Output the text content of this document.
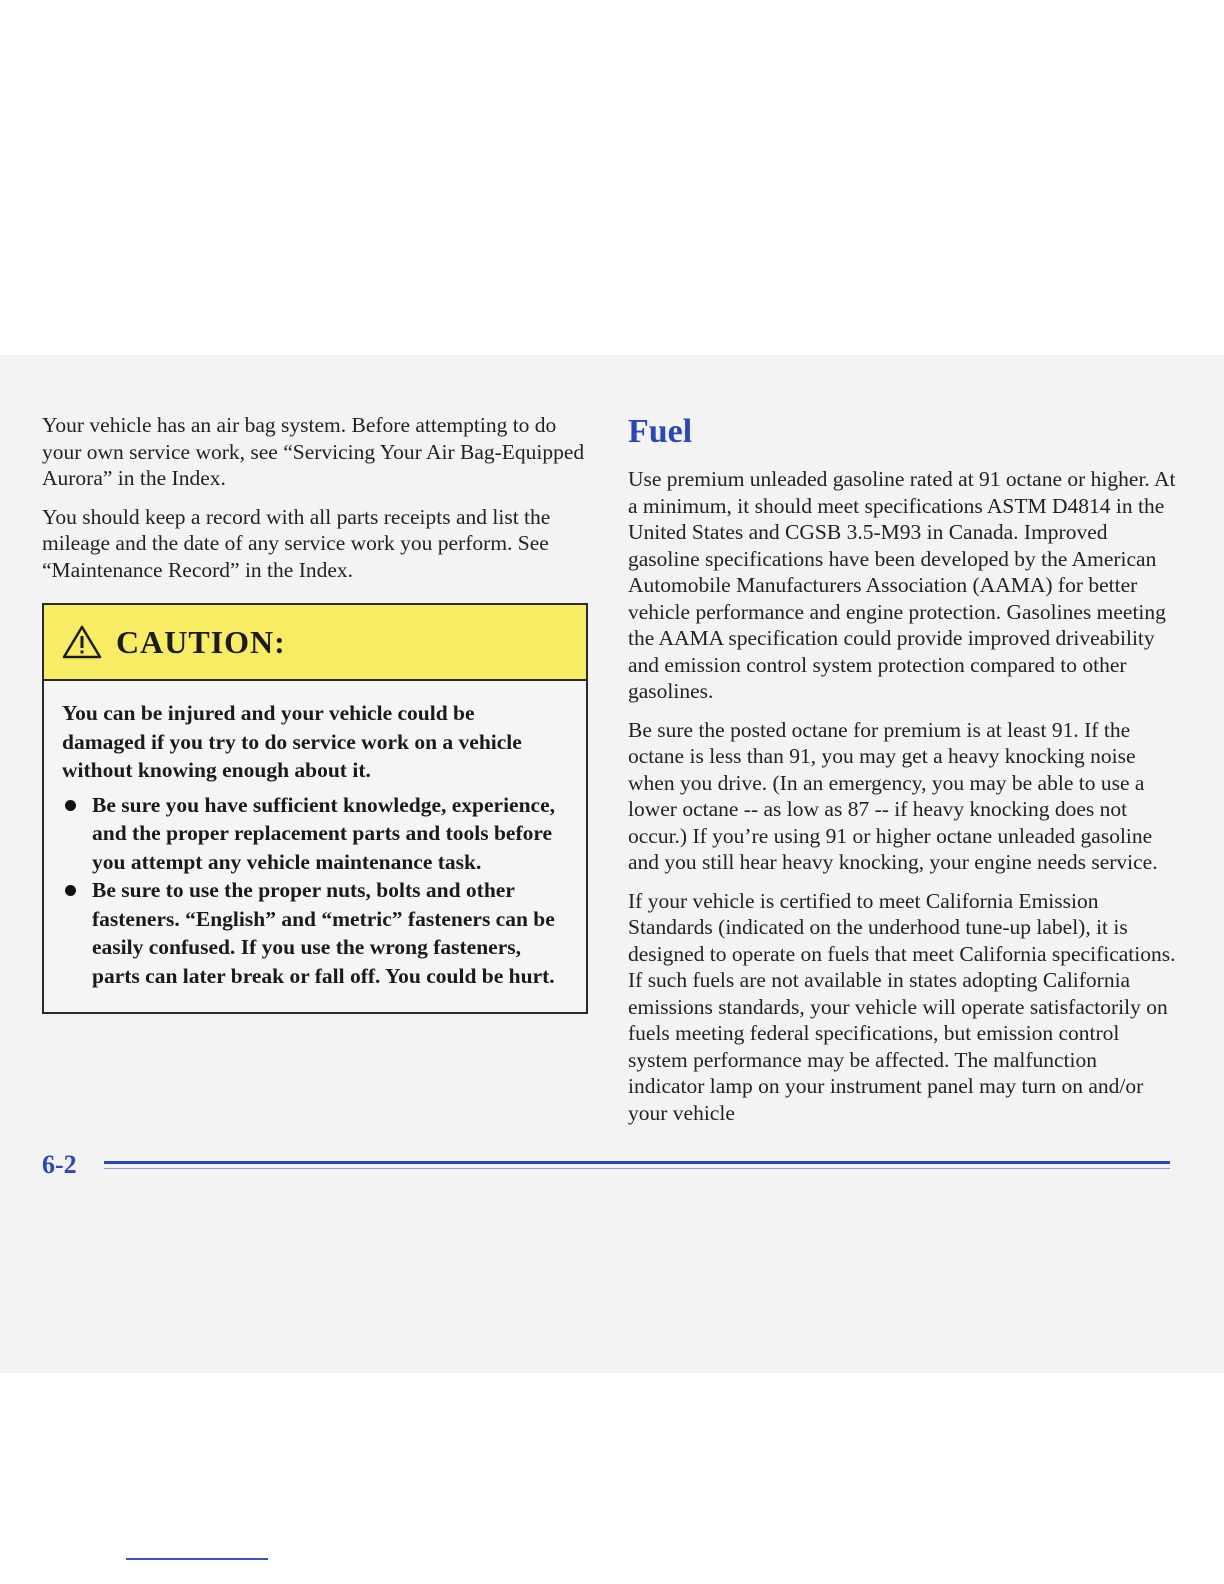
Your vehicle has an air bag system. Before attempting to do your own service work, see “Servicing Your Air Bag-Equipped Aurora” in the Index.

You should keep a record with all parts receipts and list the mileage and the date of any service work you perform. See “Maintenance Record” in the Index.

CAUTION:

You can be injured and your vehicle could be damaged if you try to do service work on a vehicle without knowing enough about it.

Be sure you have sufficient knowledge, experience, and the proper replacement parts and tools before you attempt any vehicle maintenance task.
Be sure to use the proper nuts, bolts and other fasteners. “English” and “metric” fasteners can be easily confused. If you use the wrong fasteners, parts can later break or fall off. You could be hurt.
Fuel

Use premium unleaded gasoline rated at 91 octane or higher. At a minimum, it should meet specifications ASTM D4814 in the United States and CGSB 3.5-M93 in Canada. Improved gasoline specifications have been developed by the American Automobile Manufacturers Association (AAMA) for better vehicle performance and engine protection. Gasolines meeting the AAMA specification could provide improved driveability and emission control system protection compared to other gasolines.

Be sure the posted octane for premium is at least 91. If the octane is less than 91, you may get a heavy knocking noise when you drive. (In an emergency, you may be able to use a lower octane -- as low as 87 -- if heavy knocking does not occur.) If you’re using 91 or higher octane unleaded gasoline and you still hear heavy knocking, your engine needs service.

If your vehicle is certified to meet California Emission Standards (indicated on the underhood tune-up label), it is designed to operate on fuels that meet California specifications. If such fuels are not available in states adopting California emissions standards, your vehicle will operate satisfactorily on fuels meeting federal specifications, but emission control system performance may be affected. The malfunction indicator lamp on your instrument panel may turn on and/or your vehicle

6-2
